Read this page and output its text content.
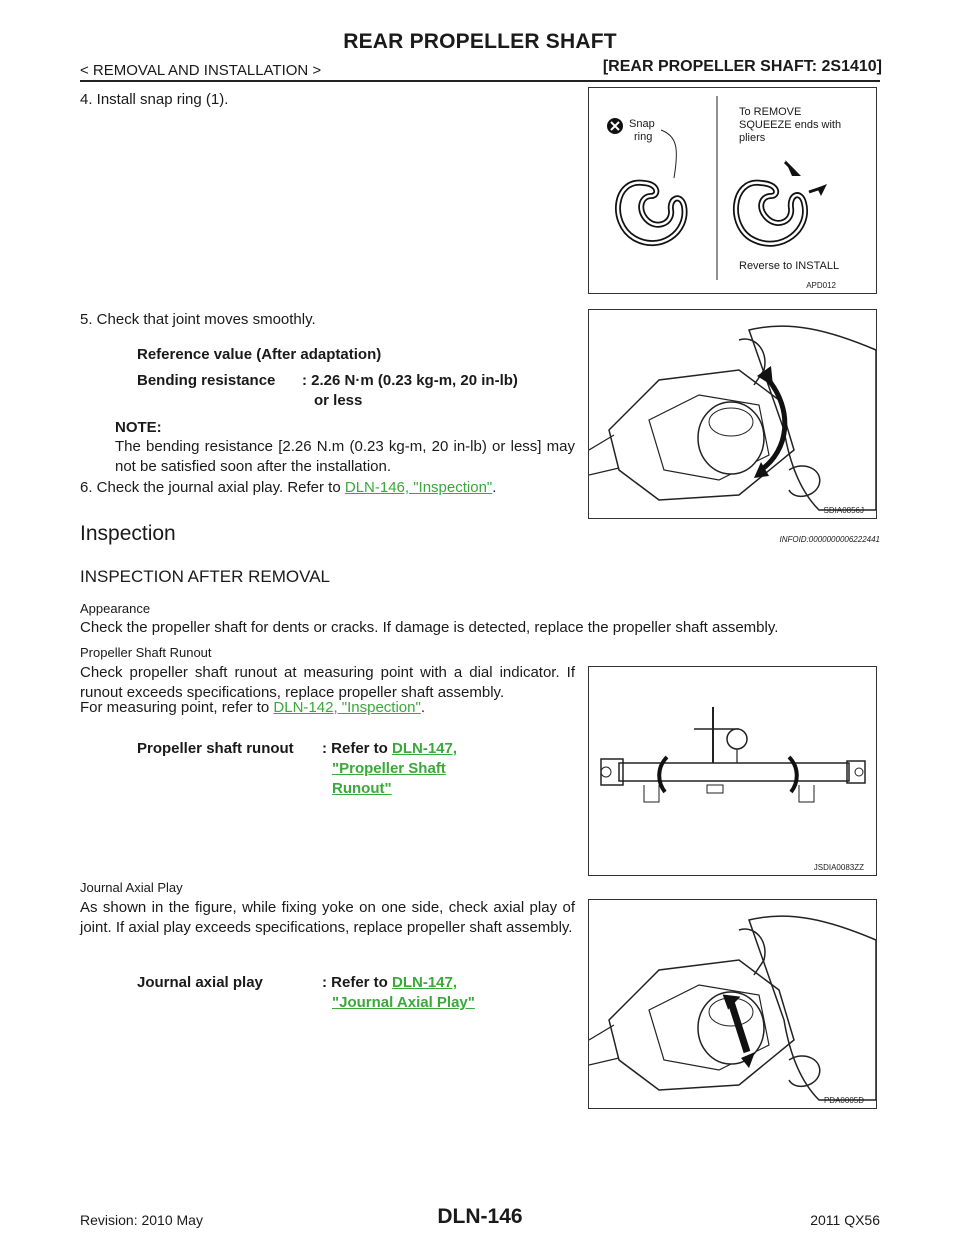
REAR PROPELLER SHAFT
< REMOVAL AND INSTALLATION >	[REAR PROPELLER SHAFT: 2S1410]
4. Install snap ring (1).
Snap
ring
To REMOVE
SQUEEZE ends with
pliers
Reverse to INSTALL
APD012
5. Check that joint moves smoothly.
Reference value (After adaptation)
Bending resistance : 2.26 N·m (0.23 kg-m, 20 in-lb)
or less
NOTE:
The bending resistance [2.26 N.m (0.23 kg-m, 20 in-lb) or less] may not be satisfied soon after the installation.
6. Check the journal axial play. Refer to DLN-146, "Inspection".
SDIA0856J
Inspection	INFOID:0000000006222441
INSPECTION AFTER REMOVAL
Appearance
Check the propeller shaft for dents or cracks. If damage is detected, replace the propeller shaft assembly.
Propeller Shaft Runout
Check propeller shaft runout at measuring point with a dial indicator. If runout exceeds specifications, replace propeller shaft assembly.
For measuring point, refer to DLN-142, "Inspection".
Propeller shaft runout : Refer to DLN-147,
"Propeller Shaft
Runout"
JSDIA0083ZZ
Journal Axial Play
As shown in the figure, while fixing yoke on one side, check axial play of joint. If axial play exceeds specifications, replace propeller shaft assembly.
Journal axial play	: Refer to DLN-147,
"Journal Axial Play"
PDA0005D
Revision: 2010 May	DLN-146	2011 QX56
